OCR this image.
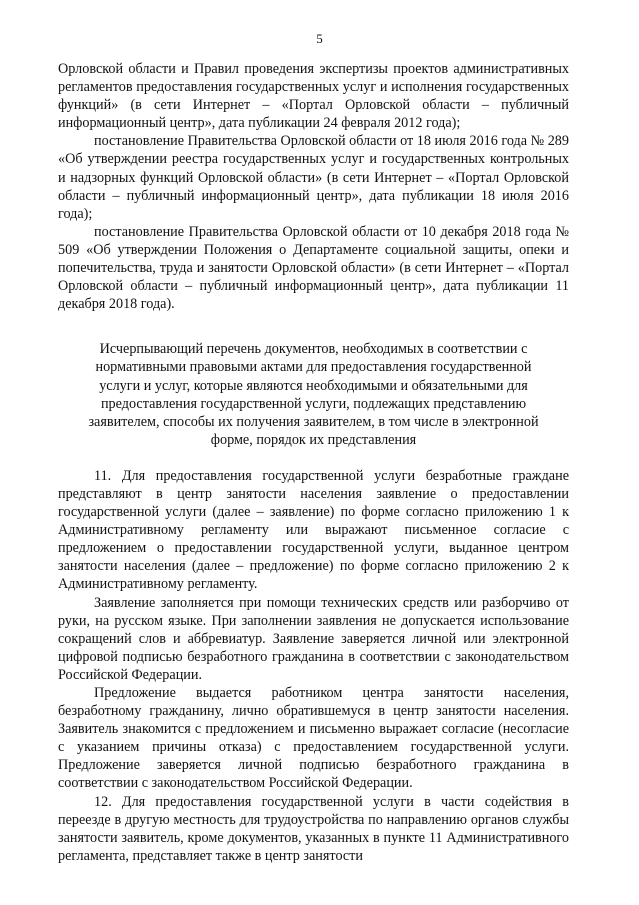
5

Орловской области и Правил проведения экспертизы проектов административных регламентов предоставления государственных услуг и исполнения государственных функций» (в сети Интернет – «Портал Орловской области – публичный информационный центр», дата публикации 24 февраля 2012 года);

постановление Правительства Орловской области от 18 июля 2016 года № 289 «Об утверждении реестра государственных услуг и государственных контрольных и надзорных функций Орловской области» (в сети Интернет – «Портал Орловской области – публичный информационный центр», дата публикации 18 июля 2016 года);

постановление Правительства Орловской области от 10 декабря 2018 года № 509 «Об утверждении Положения о Департаменте социальной защиты, опеки и попечительства, труда и занятости Орловской области» (в сети Интернет – «Портал Орловской области – публичный информационный центр», дата публикации 11 декабря 2018 года).

Исчерпывающий перечень документов, необходимых в соответствии с нормативными правовыми актами для предоставления государственной услуги и услуг, которые являются необходимыми и обязательными для предоставления государственной услуги, подлежащих представлению заявителем, способы их получения заявителем, в том числе в электронной форме, порядок их представления

11. Для предоставления государственной услуги безработные граждане представляют в центр занятости населения заявление о предоставлении государственной услуги (далее – заявление) по форме согласно приложению 1 к Административному регламенту или выражают письменное согласие с предложением о предоставлении государственной услуги, выданное центром занятости населения (далее – предложение) по форме согласно приложению 2 к Административному регламенту.

Заявление заполняется при помощи технических средств или разборчиво от руки, на русском языке. При заполнении заявления не допускается использование сокращений слов и аббревиатур. Заявление заверяется личной или электронной цифровой подписью безработного гражданина в соответствии с законодательством Российской Федерации.

Предложение выдается работником центра занятости населения, безработному гражданину, лично обратившемуся в центр занятости населения. Заявитель знакомится с предложением и письменно выражает согласие (несогласие с указанием причины отказа) с предоставлением государственной услуги. Предложение заверяется личной подписью безработного гражданина в соответствии с законодательством Российской Федерации.

12. Для предоставления государственной услуги в части содействия в переезде в другую местность для трудоустройства по направлению органов службы занятости заявитель, кроме документов, указанных в пункте 11 Административного регламента, представляет также в центр занятости
